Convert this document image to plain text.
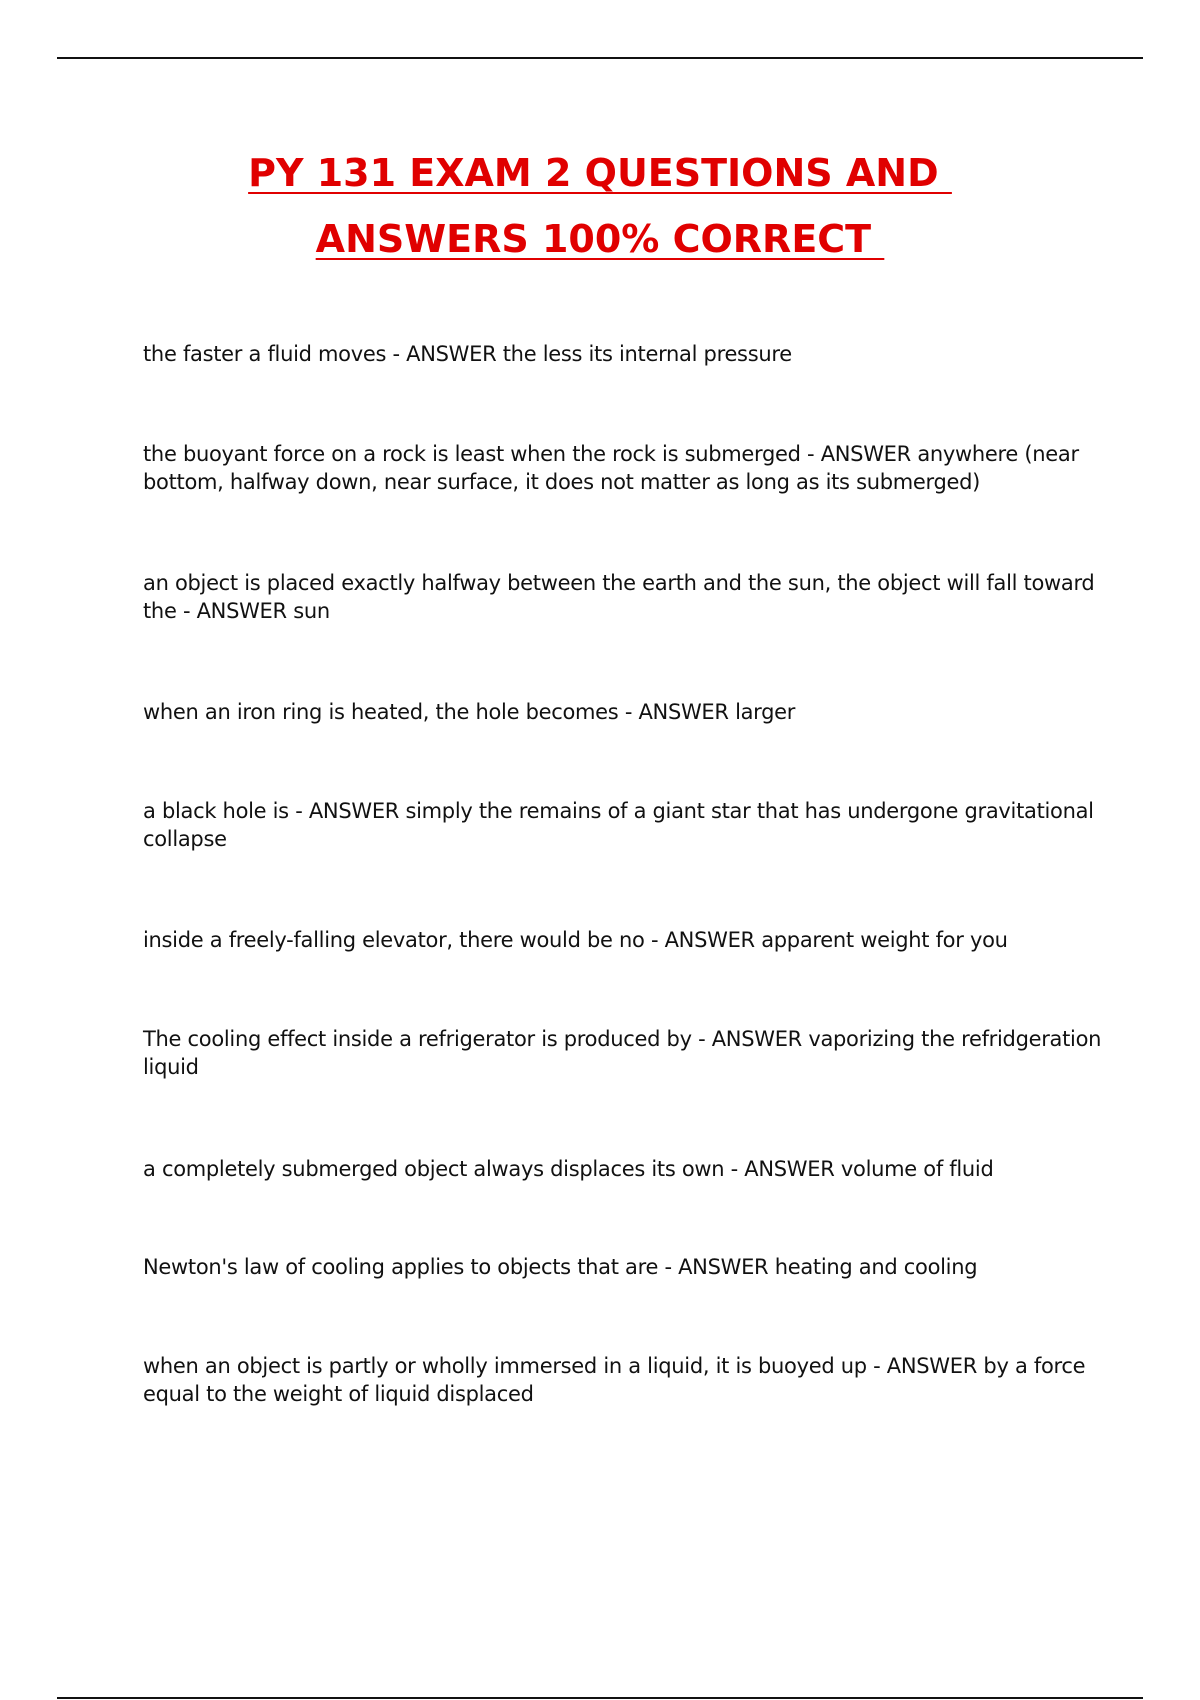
PY 131 EXAM 2 QUESTIONS AND
ANSWERS 100% CORRECT
the faster a fluid moves - ANSWER the less its internal pressure
the buoyant force on a rock is least when the rock is submerged - ANSWER anywhere (near bottom, halfway down, near surface, it does not matter as long as its submerged)
an object is placed exactly halfway between the earth and the sun, the object will fall toward the - ANSWER sun
when an iron ring is heated, the hole becomes - ANSWER larger
a black hole is - ANSWER simply the remains of a giant star that has undergone gravitational collapse
inside a freely-falling elevator, there would be no - ANSWER apparent weight for you
The cooling effect inside a refrigerator is produced by - ANSWER vaporizing the refridgeration liquid
a completely submerged object always displaces its own - ANSWER volume of fluid
Newton's law of cooling applies to objects that are - ANSWER heating and cooling
when an object is partly or wholly immersed in a liquid, it is buoyed up - ANSWER by a force equal to the weight of liquid displaced
